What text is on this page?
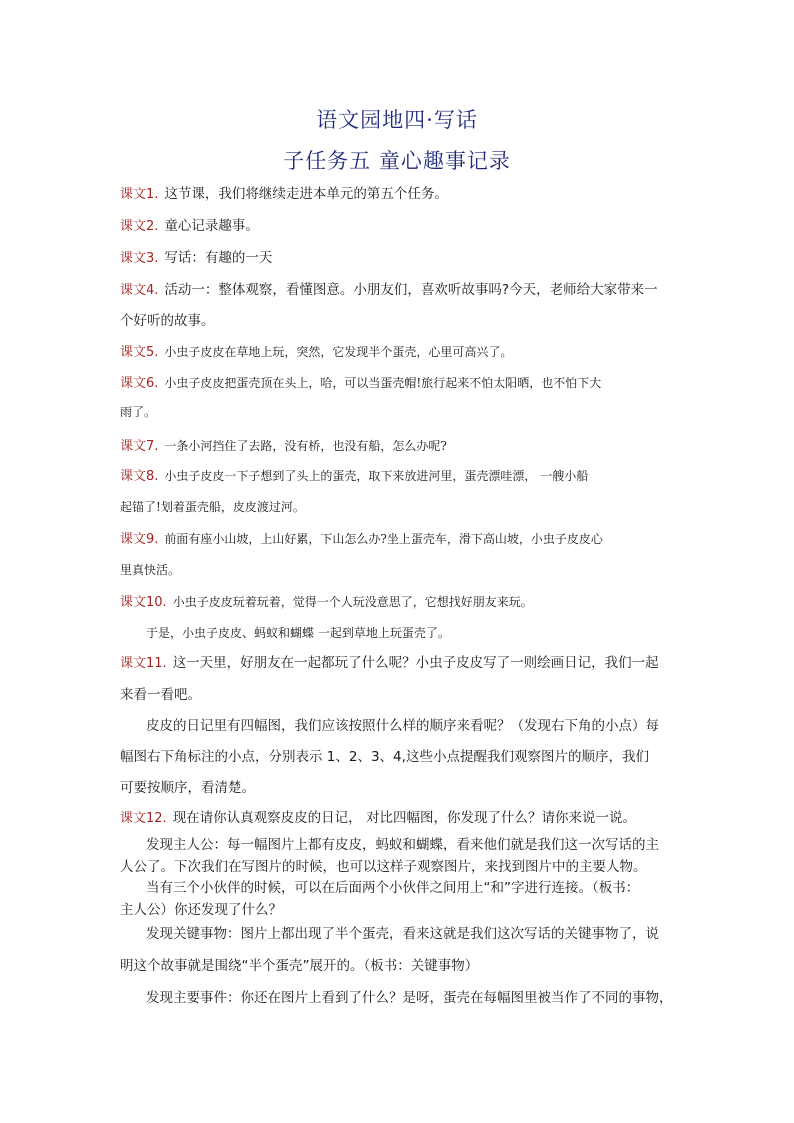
语文园地四·写话
子任务五 童心趣事记录
课文1. 这节课，我们将继续走进本单元的第五个任务。
课文2. 童心记录趣事。
课文3. 写话：有趣的一天
课文4. 活动一：整体观察，看懂图意。小朋友们，喜欢听故事吗?今天，老师给大家带来一
个好听的故事。
课文5. 小虫子皮皮在草地上玩，突然，它发现半个蛋壳，心里可高兴了。
课文6. 小虫子皮皮把蛋壳顶在头上，哈，可以当蛋壳帽!旅行起来不怕太阳晒，也不怕下大
雨了。
课文7. 一条小河挡住了去路，没有桥，也没有船，怎么办呢?
课文8. 小虫子皮皮一下子想到了头上的蛋壳，取下来放进河里，蛋壳漂哇漂， 一艘小船
起锚了!划着蛋壳船，皮皮渡过河。
课文9. 前面有座小山坡，上山好累，下山怎么办?坐上蛋壳车，滑下高山坡，小虫子皮皮心
里真快活。
课文10. 小虫子皮皮玩着玩着，觉得一个人玩没意思了，它想找好朋友来玩。
于是，小虫子皮皮、蚂蚁和蝴蝶 一起到草地上玩蛋壳了。
课文11. 这一天里，好朋友在一起都玩了什么呢？小虫子皮皮写了一则绘画日记，我们一起
来看一看吧。
皮皮的日记里有四幅图，我们应该按照什么样的顺序来看呢？（发现右下角的小点）每
幅图右下角标注的小点，分别表示 1、2、3、4,这些小点提醒我们观察图片的顺序，我们
可要按顺序，看清楚。
课文12. 现在请你认真观察皮皮的日记， 对比四幅图，你发现了什么？请你来说一说。
发现主人公：每一幅图片上都有皮皮，蚂蚁和蝴蝶，看来他们就是我们这一次写话的主
人公了。下次我们在写图片的时候，也可以这样子观察图片，来找到图片中的主要人物。
当有三个小伙伴的时候，可以在后面两个小伙伴之间用上“和”字进行连接。（板书：
主人公）你还发现了什么？
发现关键事物：图片上都出现了半个蛋壳，看来这就是我们这次写话的关键事物了，说
明这个故事就是围绕“半个蛋壳”展开的。（板书：关键事物）
发现主要事件：你还在图片上看到了什么？是呀，蛋壳在每幅图里被当作了不同的事物，
